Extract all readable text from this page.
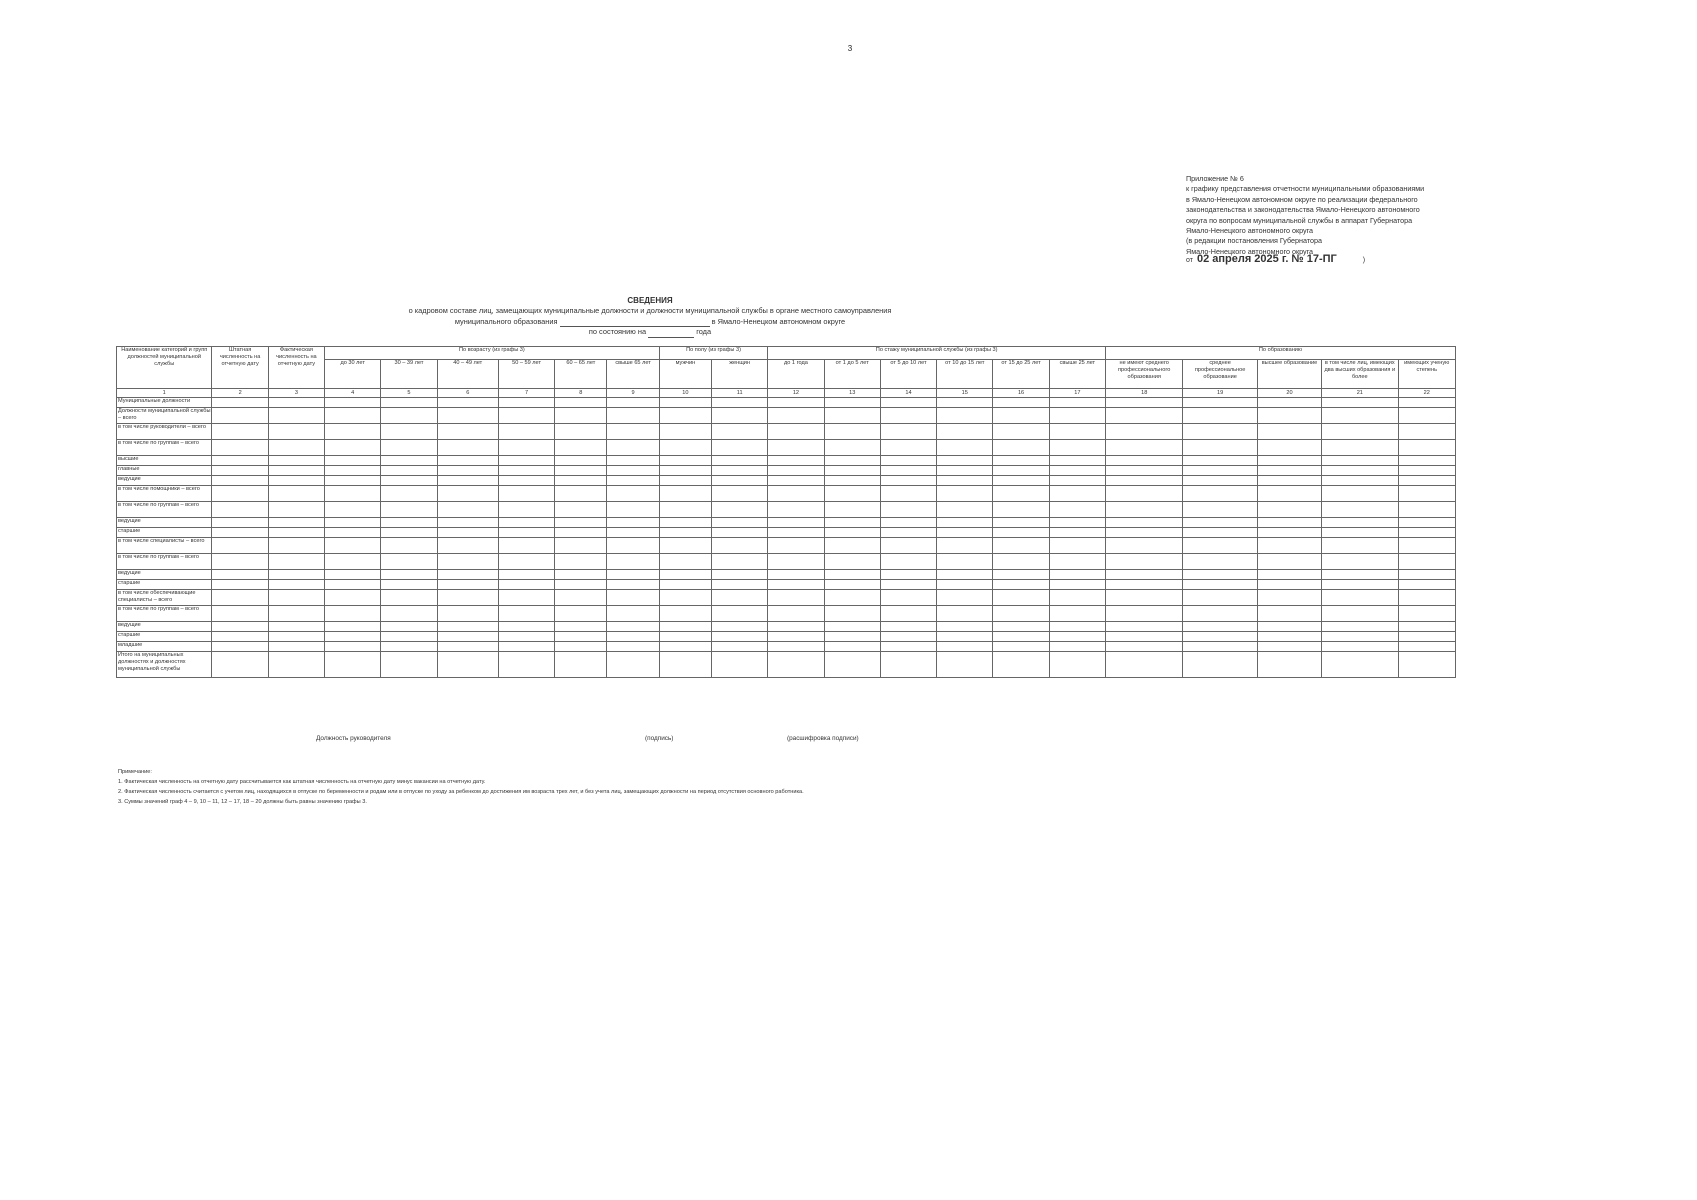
3
Приложение № 6
к графику представления отчетности муниципальными образованиями
в Ямало-Ненецком автономном округе по реализации федерального
законодательства и законодательства Ямало-Ненецкого автономного
округа по вопросам муниципальной службы в аппарат Губернатора
Ямало-Ненецкого автономного округа
(в редакции постановления Губернатора
Ямало-Ненецкого автономного округа
от 02 апреля 2025 г. № 17-ПГ	)
СВЕДЕНИЯ
о кадровом составе лиц, замещающих муниципальные должности и должности муниципальной службы в органе местного самоуправления
муниципального образования	в Ямало-Ненецком автономном округе
по состоянию на	года
Наименование категорий и групп должностей муниципальной службы	Штатная численность на отчетную дату	Фактическая численность на отчетную дату	По возрасту (из графы 3)						По полу (из графы 3)		По стажу муниципальной службы (из графы 3)						По образованию				
			до 30 лет	30 – 39 лет	40 – 49 лет	50 – 59 лет	60 – 65 лет	свыше 65 лет	мужчин	женщин	до 1 года	от 1 до 5 лет	от 5 до 10 лет	от 10 до 15 лет	от 15 до 25 лет	свыше 25 лет	не имеют среднего профессионального образования	среднее профессиональное образование	высшее образование	в том числе лиц, имеющих два высших образования и более	имеющих ученую степень
1	2	3	4	5	6	7	8	9	10	11	12	13	14	15	16	17	18	19	20	21	22
Муниципальные должности																					
Должности муниципальной службы – всего																					
в том числе руководители – всего																					
в том числе по группам – всего																					
высшие																					
главные																					
ведущие																					
в том числе помощники – всего																					
в том числе по группам – всего																					
ведущие																					
старшие																					
в том числе специалисты – всего																					
в том числе по группам – всего																					
ведущие																					
старшие																					
в том числе обеспечивающие специалисты – всего																					
в том числе по группам – всего																					
ведущие																					
старшие																					
младшие																					
Итого на муниципальных должностях и должностях муниципальной службы																					
Должность руководителя	(подпись)	(расшифровка подписи)
Примечание:
1. Фактическая численность на отчетную дату рассчитывается как штатная численность на отчетную дату минус вакансии на отчетную дату.
2. Фактическая численность считается с учетом лиц, находящихся в отпуске по беременности и родам или в отпуске по уходу за ребенком до достижения им возраста трех лет, и без учета лиц, замещающих должности на период отсутствия основного работника.
3. Суммы значений граф 4 – 9, 10 – 11, 12 – 17, 18 – 20 должны быть равны значению графы 3.
